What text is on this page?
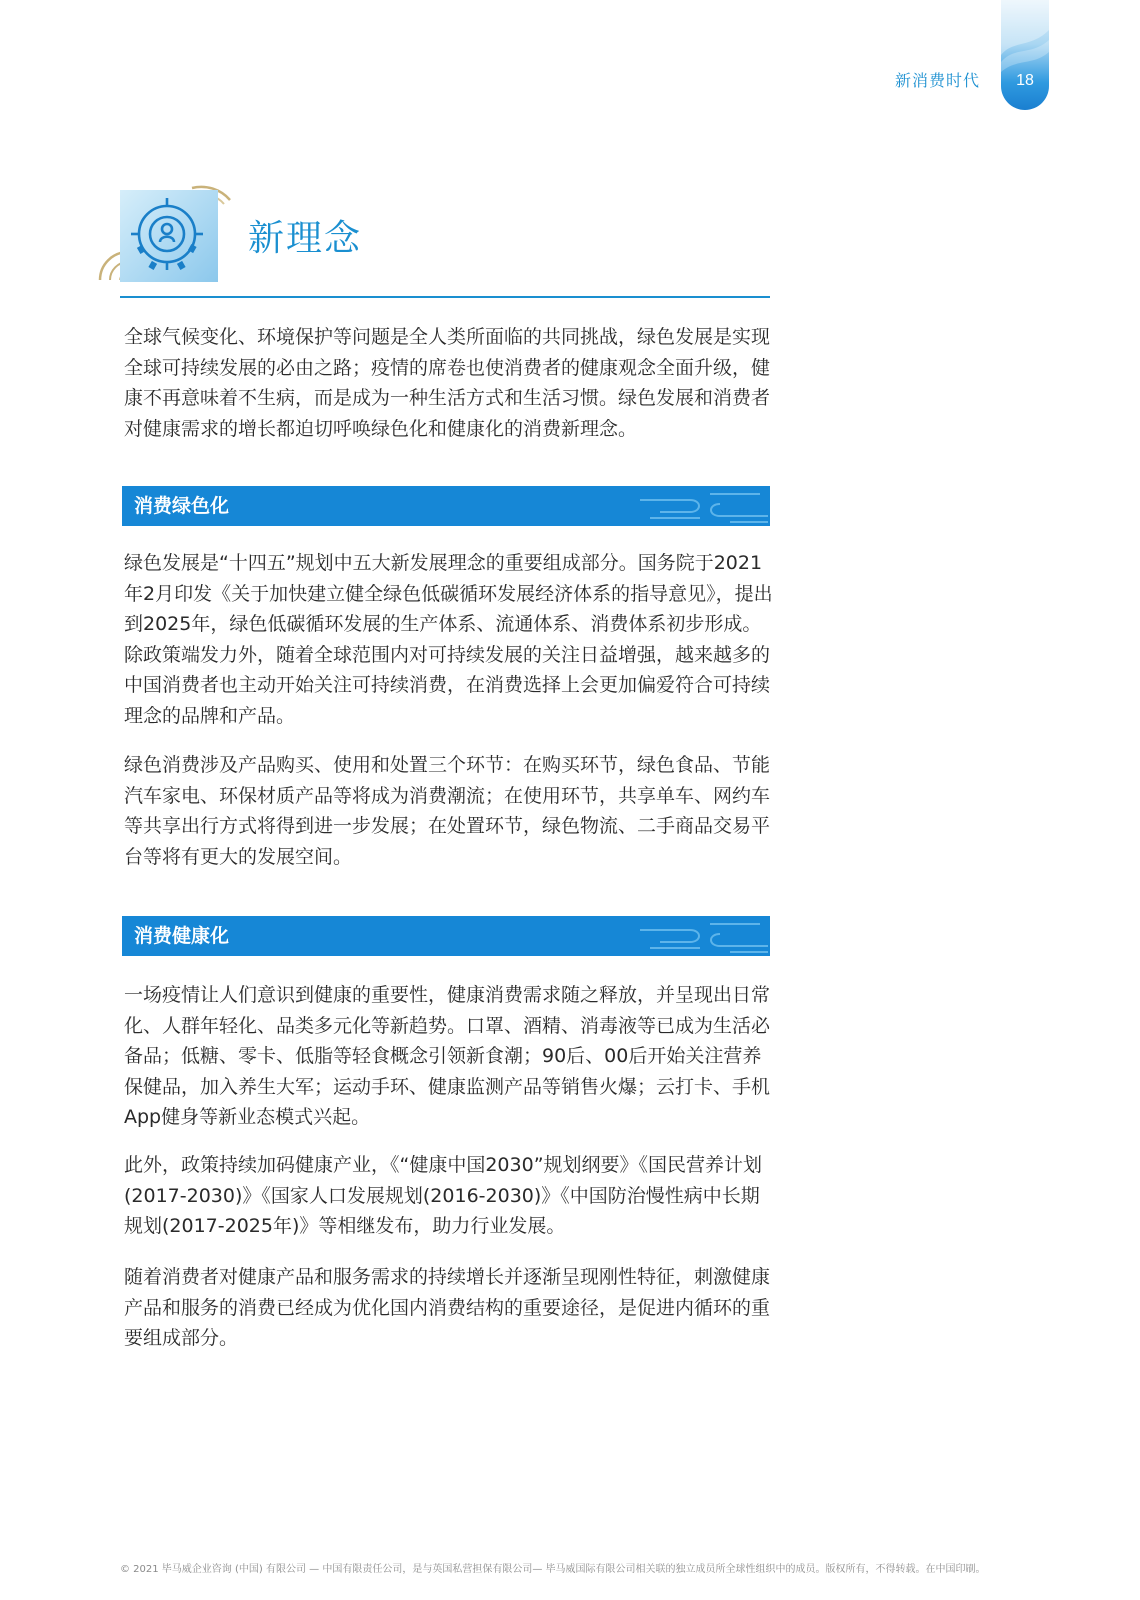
新消费时代	18
新理念

全球气候变化、环境保护等问题是全人类所面临的共同挑战，绿色发展是实现全球可持续发展的必由之路；疫情的席卷也使消费者的健康观念全面升级，健康不再意味着不生病，而是成为一种生活方式和生活习惯。绿色发展和消费者对健康需求的增长都迫切呼唤绿色化和健康化的消费新理念。

消费绿色化

绿色发展是“十四五”规划中五大新发展理念的重要组成部分。国务院于2021年2月印发《关于加快建立健全绿色低碳循环发展经济体系的指导意见》，提出到2025年，绿色低碳循环发展的生产体系、流通体系、消费体系初步形成。除政策端发力外，随着全球范围内对可持续发展的关注日益增强，越来越多的中国消费者也主动开始关注可持续消费，在消费选择上会更加偏爱符合可持续理念的品牌和产品。

绿色消费涉及产品购买、使用和处置三个环节：在购买环节，绿色食品、节能汽车家电、环保材质产品等将成为消费潮流；在使用环节，共享单车、网约车等共享出行方式将得到进一步发展；在处置环节，绿色物流、二手商品交易平台等将有更大的发展空间。

消费健康化

一场疫情让人们意识到健康的重要性，健康消费需求随之释放，并呈现出日常化、人群年轻化、品类多元化等新趋势。口罩、酒精、消毒液等已成为生活必备品；低糖、零卡、低脂等轻食概念引领新食潮；90后、00后开始关注营养保健品，加入养生大军；运动手环、健康监测产品等销售火爆；云打卡、手机App健身等新业态模式兴起。

此外，政策持续加码健康产业，《“健康中国2030”规划纲要》《国民营养计划(2017-2030)》《国家人口发展规划(2016-2030)》《中国防治慢性病中长期规划(2017-2025年)》等相继发布，助力行业发展。

随着消费者对健康产品和服务需求的持续增长并逐渐呈现刚性特征，刺激健康产品和服务的消费已经成为优化国内消费结构的重要途径，是促进内循环的重要组成部分。

© 2021 毕马威企业咨询 (中国) 有限公司 — 中国有限责任公司，是与英国私营担保有限公司— 毕马威国际有限公司相关联的独立成员所全球性组织中的成员。版权所有，不得转载。在中国印刷。
